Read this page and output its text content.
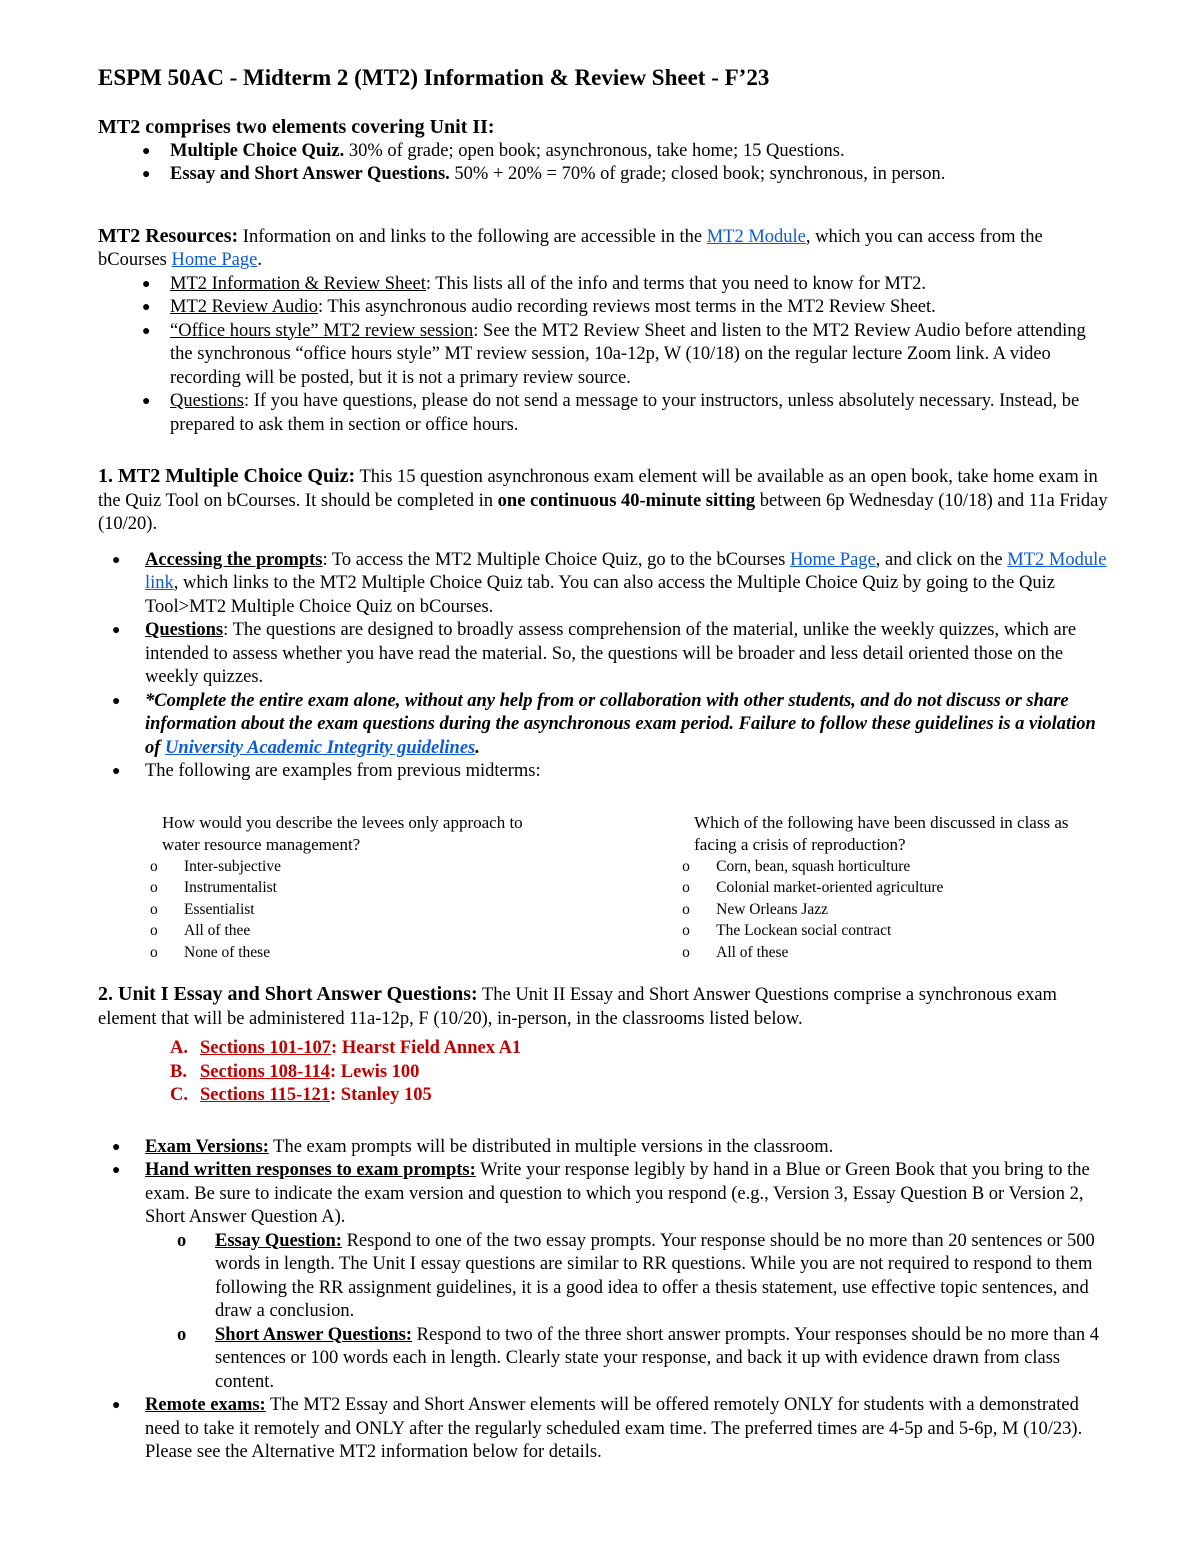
ESPM 50AC - Midterm 2 (MT2) Information & Review Sheet - F’23
MT2 comprises two elements covering Unit II:
● Multiple Choice Quiz. 30% of grade; open book; asynchronous, take home; 15 Questions.
● Essay and Short Answer Questions. 50% + 20% = 70% of grade; closed book; synchronous, in person.

MT2 Resources: Information on and links to the following are accessible in the MT2 Module, which you can access from the bCourses Home Page.

● MT2 Information & Review Sheet: This lists all of the info and terms that you need to know for MT2.
● MT2 Review Audio: This asynchronous audio recording reviews most terms in the MT2 Review Sheet.
● “Office hours style” MT2 review session: See the MT2 Review Sheet and listen to the MT2 Review Audio before attending the synchronous “office hours style” MT review session, 10a-12p, W (10/18) on the regular lecture Zoom link. A video recording will be posted, but it is not a primary review source.
● Questions: If you have questions, please do not send a message to your instructors, unless absolutely necessary. Instead, be prepared to ask them in section or office hours.

1. MT2 Multiple Choice Quiz: This 15 question asynchronous exam element will be available as an open book, take home exam in the Quiz Tool on bCourses. It should be completed in one continuous 40-minute sitting between 6p Wednesday (10/18) and 11a Friday (10/20).

● Accessing the prompts: To access the MT2 Multiple Choice Quiz, go to the bCourses Home Page, and click on the MT2 Module link, which links to the MT2 Multiple Choice Quiz tab. You can also access the Multiple Choice Quiz by going to the Quiz Tool>MT2 Multiple Choice Quiz on bCourses.
● Questions: The questions are designed to broadly assess comprehension of the material, unlike the weekly quizzes, which are intended to assess whether you have read the material. So, the questions will be broader and less detail oriented those on the weekly quizzes.
● *Complete the entire exam alone, without any help from or collaboration with other students, and do not discuss or share information about the exam questions during the asynchronous exam period. Failure to follow these guidelines is a violation of University Academic Integrity guidelines.
● The following are examples from previous midterms:

How would you describe the levees only approach to water resource management?

o Inter-subjective
o Instrumentalist
o Essentialist
o All of thee
o None of these

Which of the following have been discussed in class as facing a crisis of reproduction?

o Corn, bean, squash horticulture
o Colonial market-oriented agriculture
o New Orleans Jazz
o The Lockean social contract
o All of these

2. Unit I Essay and Short Answer Questions: The Unit II Essay and Short Answer Questions comprise a synchronous exam element that will be administered 11a-12p, F (10/20), in-person, in the classrooms listed below.

A. Sections 101-107: Hearst Field Annex A1
B. Sections 108-114: Lewis 100
C. Sections 115-121: Stanley 105
● Exam Versions: The exam prompts will be distributed in multiple versions in the classroom.
● Hand written responses to exam prompts: Write your response legibly by hand in a Blue or Green Book that you bring to the exam. Be sure to indicate the exam version and question to which you respond (e.g., Version 3, Essay Question B or Version 2, Short Answer Question A).
o Essay Question: Respond to one of the two essay prompts. Your response should be no more than 20 sentences or 500 words in length. The Unit I essay questions are similar to RR questions. While you are not required to respond to them following the RR assignment guidelines, it is a good idea to offer a thesis statement, use effective topic sentences, and draw a conclusion.
o Short Answer Questions: Respond to two of the three short answer prompts. Your responses should be no more than 4 sentences or 100 words each in length. Clearly state your response, and back it up with evidence drawn from class content.
● Remote exams: The MT2 Essay and Short Answer elements will be offered remotely ONLY for students with a demonstrated need to take it remotely and ONLY after the regularly scheduled exam time. The preferred times are 4-5p and 5-6p, M (10/23). Please see the Alternative MT2 information below for details.
